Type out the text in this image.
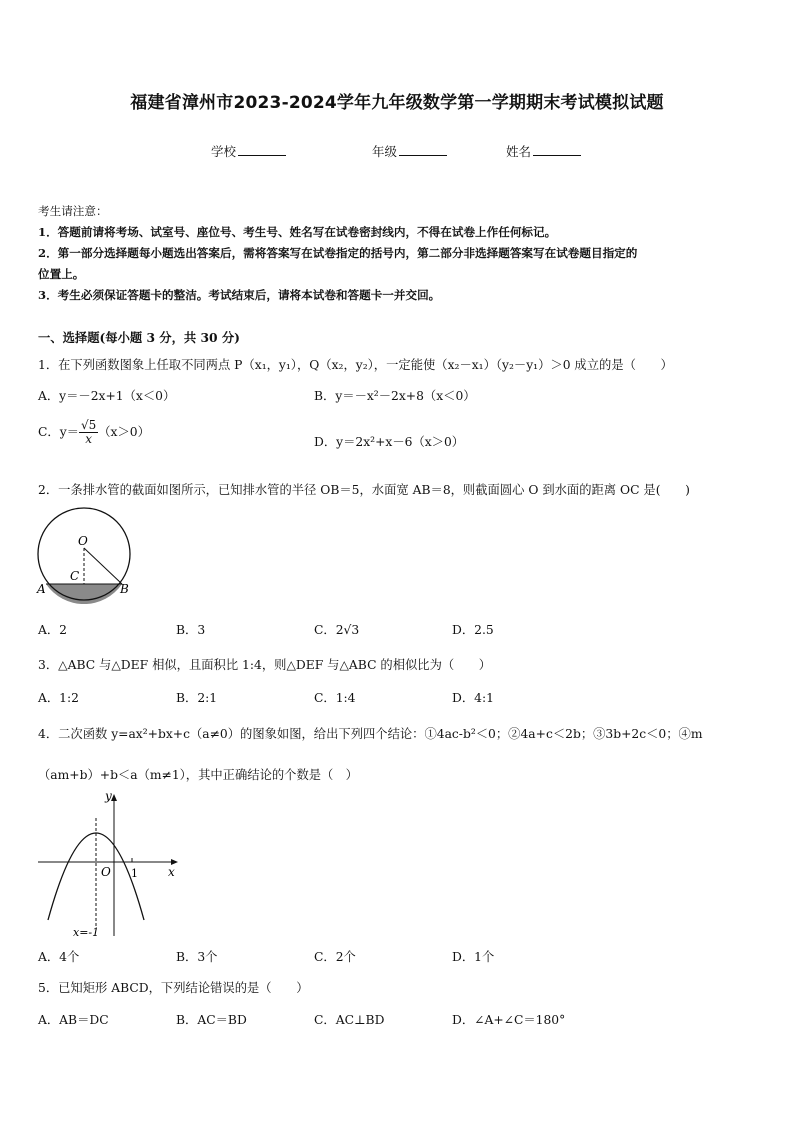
福建省漳州市2023-2024学年九年级数学第一学期期末考试模拟试题
学校	年级	姓名
考生请注意：
1．答题前请将考场、试室号、座位号、考生号、姓名写在试卷密封线内，不得在试卷上作任何标记。
2．第一部分选择题每小题选出答案后，需将答案写在试卷指定的括号内，第二部分非选择题答案写在试卷题目指定的
位置上。
3．考生必须保证答题卡的整洁。考试结束后，请将本试卷和答题卡一并交回。
一、选择题(每小题 3 分，共 30 分)
1．在下列函数图象上任取不同两点 P（x₁，y₁），Q（x₂，y₂），一定能使（x₂－x₁）（y₂－y₁）＞0 成立的是（　　）
A．y＝－2x+1（x＜0）	B．y＝－x²－2x+8（x＜0）
C．$y= \frac{√5}{x} (x>0)$
D．y＝2x²+x－6（x＞0）
2．一条排水管的截面如图所示，已知排水管的半径 OB＝5，水面宽 AB＝8，则截面圆心 O 到水面的距离 OC 是(　　)
O
C
A	B
A．2	B．3	C．2√3	D．2.5
3．△ABC 与△DEF 相似，且面积比 1:4，则△DEF 与△ABC 的相似比为（　　）
A．1:2	B．2:1	C．1:4	D．4:1
4．二次函数 y=ax²+bx+c（a≠0）的图象如图，给出下列四个结论：①4ac-b²＜0；②4a+c＜2b；③3b+2c＜0；④m
（am+b）+b＜a（m≠1），其中正确结论的个数是（　）
y
x
O 1
x=-1
A．4个	B．3个	C．2个	D．1个
5．已知矩形 ABCD，下列结论错误的是（　　）
A．AB＝DC	B．AC＝BD	C．AC⊥BD	D．∠A+∠C＝180°
